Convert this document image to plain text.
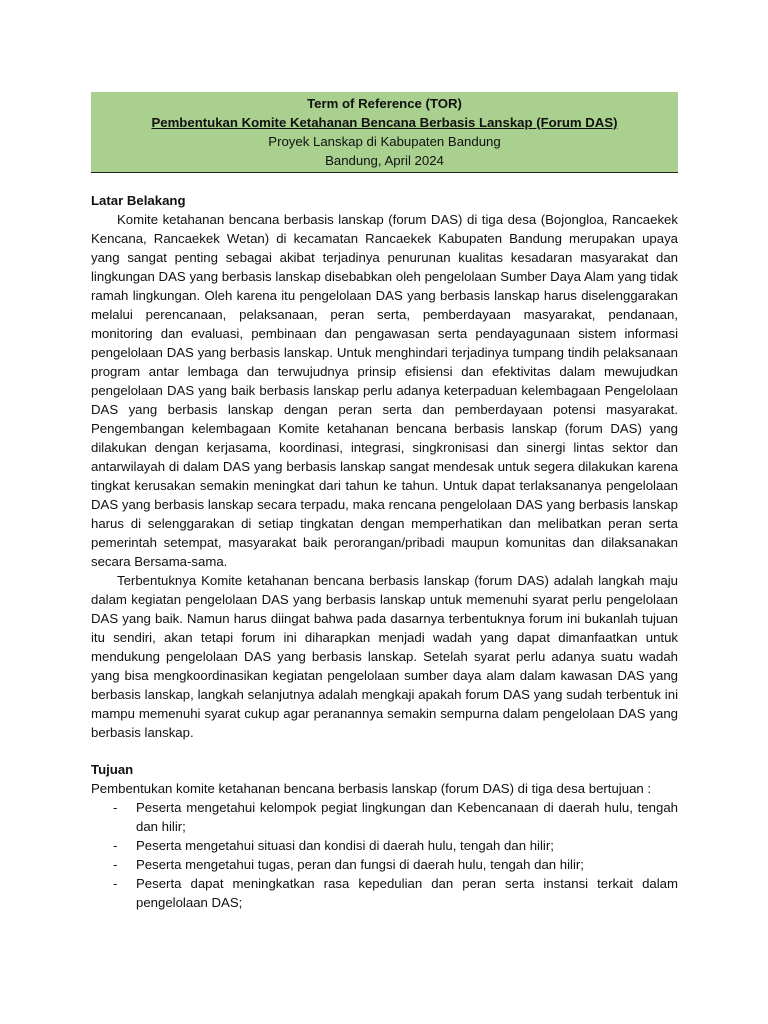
Term of Reference (TOR)
Pembentukan Komite Ketahanan Bencana Berbasis Lanskap (Forum DAS)
Proyek Lanskap di Kabupaten Bandung
Bandung, April 2024
Latar Belakang

Komite ketahanan bencana berbasis lanskap (forum DAS) di tiga desa (Bojongloa, Rancaekek Kencana, Rancaekek Wetan) di kecamatan Rancaekek Kabupaten Bandung merupakan upaya yang sangat penting sebagai akibat terjadinya penurunan kualitas kesadaran masyarakat dan lingkungan DAS yang berbasis lanskap disebabkan oleh pengelolaan Sumber Daya Alam yang tidak ramah lingkungan. Oleh karena itu pengelolaan DAS yang berbasis lanskap harus diselenggarakan melalui perencanaan, pelaksanaan, peran serta, pemberdayaan masyarakat, pendanaan, monitoring dan evaluasi, pembinaan dan pengawasan serta pendayagunaan sistem informasi pengelolaan DAS yang berbasis lanskap. Untuk menghindari terjadinya tumpang tindih pelaksanaan program antar lembaga dan terwujudnya prinsip efisiensi dan efektivitas dalam mewujudkan pengelolaan DAS yang baik berbasis lanskap perlu adanya keterpaduan kelembagaan Pengelolaan DAS yang berbasis lanskap dengan peran serta dan pemberdayaan potensi masyarakat. Pengembangan kelembagaan Komite ketahanan bencana berbasis lanskap (forum DAS) yang dilakukan dengan kerjasama, koordinasi, integrasi, singkronisasi dan sinergi lintas sektor dan antarwilayah di dalam DAS yang berbasis lanskap sangat mendesak untuk segera dilakukan karena tingkat kerusakan semakin meningkat dari tahun ke tahun. Untuk dapat terlaksananya pengelolaan DAS yang berbasis lanskap secara terpadu, maka rencana pengelolaan DAS yang berbasis lanskap harus di selenggarakan di setiap tingkatan dengan memperhatikan dan melibatkan peran serta pemerintah setempat, masyarakat baik perorangan/pribadi maupun komunitas dan dilaksanakan secara Bersama-sama.

Terbentuknya Komite ketahanan bencana berbasis lanskap (forum DAS) adalah langkah maju dalam kegiatan pengelolaan DAS yang berbasis lanskap untuk memenuhi syarat perlu pengelolaan DAS yang baik. Namun harus diingat bahwa pada dasarnya terbentuknya forum ini bukanlah tujuan itu sendiri, akan tetapi forum ini diharapkan menjadi wadah yang dapat dimanfaatkan untuk mendukung pengelolaan DAS yang berbasis lanskap. Setelah syarat perlu adanya suatu wadah yang bisa mengkoordinasikan kegiatan pengelolaan sumber daya alam dalam kawasan DAS yang berbasis lanskap, langkah selanjutnya adalah mengkaji apakah forum DAS yang sudah terbentuk ini mampu memenuhi syarat cukup agar peranannya semakin sempurna dalam pengelolaan DAS yang berbasis lanskap.

Tujuan

Pembentukan komite ketahanan bencana berbasis lanskap (forum DAS) di tiga desa bertujuan :

- Peserta mengetahui kelompok pegiat lingkungan dan Kebencanaan di daerah hulu, tengah dan hilir;
- Peserta mengetahui situasi dan kondisi di daerah hulu, tengah dan hilir;
- Peserta mengetahui tugas, peran dan fungsi di daerah hulu, tengah dan hilir;
- Peserta dapat meningkatkan rasa kepedulian dan peran serta instansi terkait dalam pengelolaan DAS;
